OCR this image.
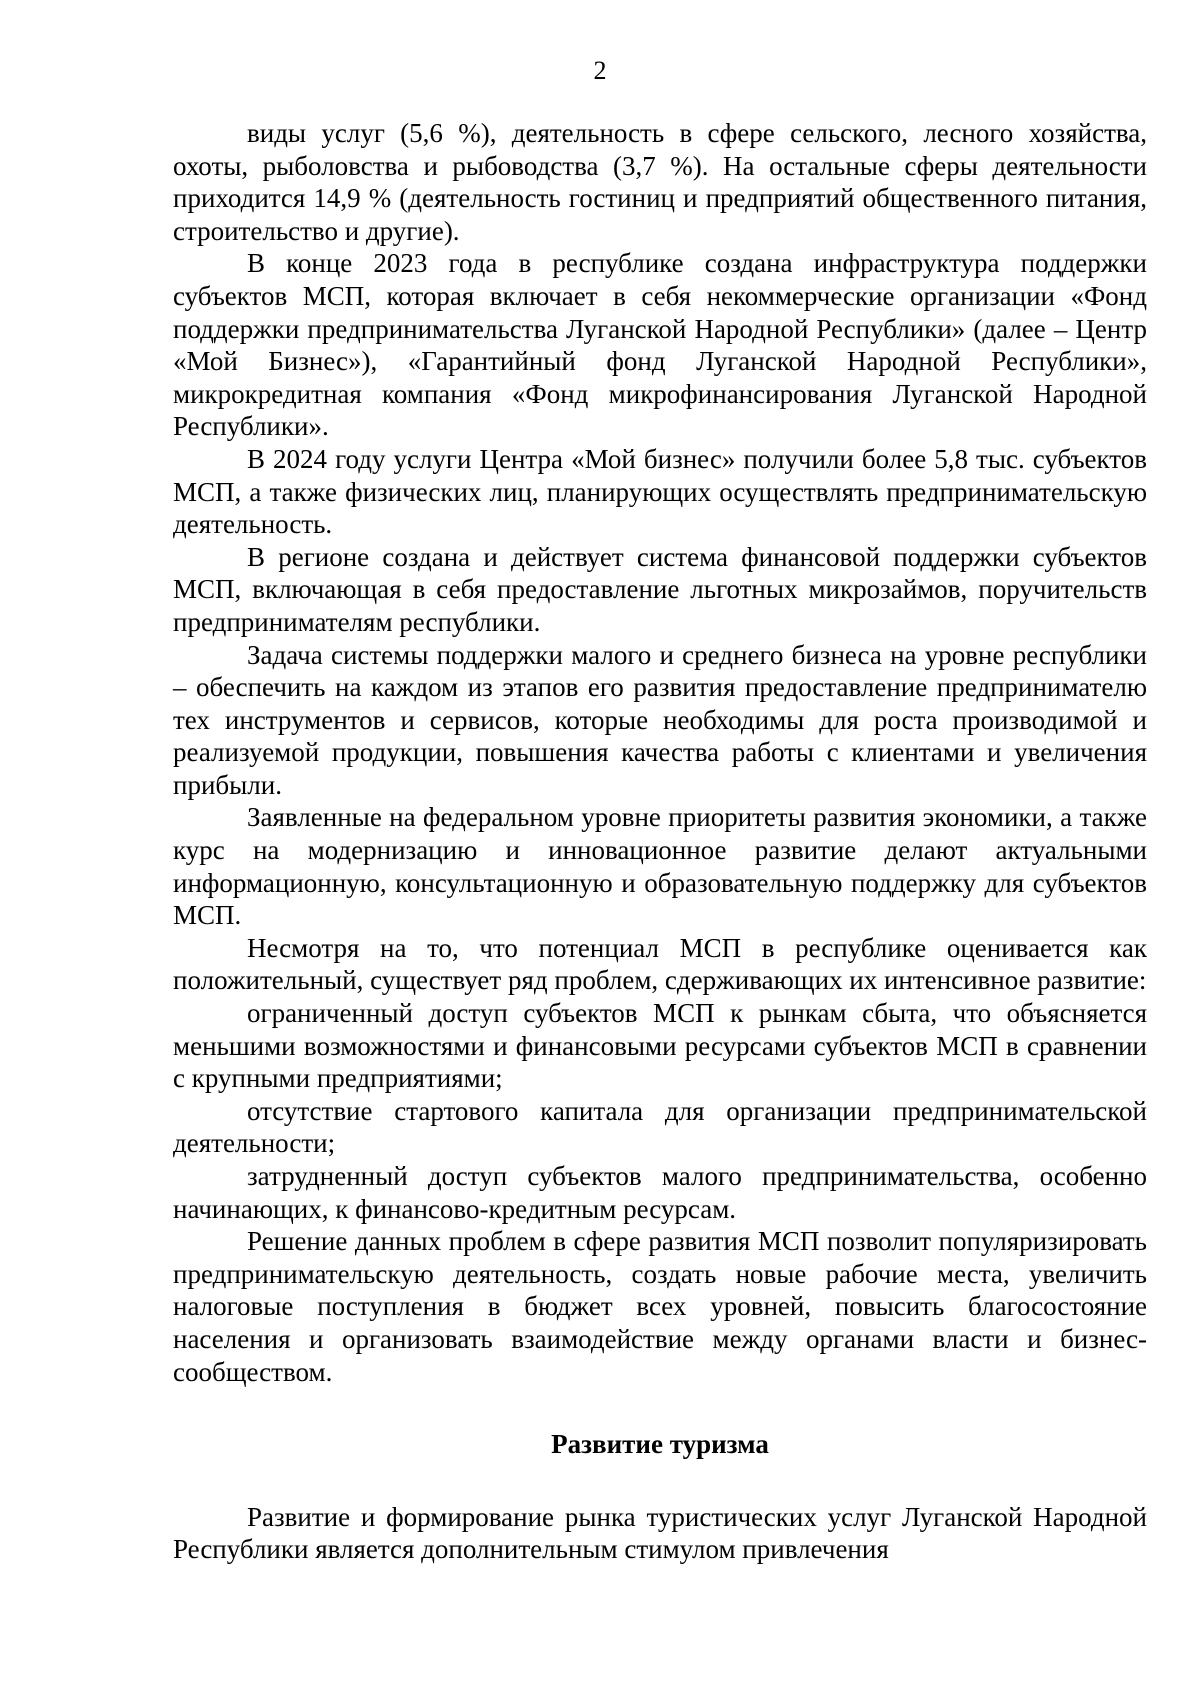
2

виды услуг (5,6 %), деятельность в сфере сельского, лесного хозяйства, охоты, рыболовства и рыбоводства (3,7 %). На остальные сферы деятельности приходится 14,9 % (деятельность гостиниц и предприятий общественного питания, строительство и другие).

В конце 2023 года в республике создана инфраструктура поддержки субъектов МСП, которая включает в себя некоммерческие организации «Фонд поддержки предпринимательства Луганской Народной Республики» (далее – Центр «Мой Бизнес»), «Гарантийный фонд Луганской Народной Республики», микрокредитная компания «Фонд микрофинансирования Луганской Народной Республики».

В 2024 году услуги Центра «Мой бизнес» получили более 5,8 тыс. субъектов МСП, а также физических лиц, планирующих осуществлять предпринимательскую деятельность.

В регионе создана и действует система финансовой поддержки субъектов МСП, включающая в себя предоставление льготных микрозаймов, поручительств предпринимателям республики.

Задача системы поддержки малого и среднего бизнеса на уровне республики – обеспечить на каждом из этапов его развития предоставление предпринимателю тех инструментов и сервисов, которые необходимы для роста производимой и реализуемой продукции, повышения качества работы с клиентами и увеличения прибыли.

Заявленные на федеральном уровне приоритеты развития экономики, а также курс на модернизацию и инновационное развитие делают актуальными информационную, консультационную и образовательную поддержку для субъектов МСП.

Несмотря на то, что потенциал МСП в республике оценивается как положительный, существует ряд проблем, сдерживающих их интенсивное развитие:

ограниченный доступ субъектов МСП к рынкам сбыта, что объясняется меньшими возможностями и финансовыми ресурсами субъектов МСП в сравнении с крупными предприятиями;

отсутствие стартового капитала для организации предпринимательской деятельности;

затрудненный доступ субъектов малого предпринимательства, особенно начинающих, к финансово-кредитным ресурсам.

Решение данных проблем в сфере развития МСП позволит популяризировать предпринимательскую деятельность, создать новые рабочие места, увеличить налоговые поступления в бюджет всех уровней, повысить благосостояние населения и организовать взаимодействие между органами власти и бизнес-сообществом.

Развитие туризма

Развитие и формирование рынка туристических услуг Луганской Народной Республики является дополнительным стимулом привлечения
